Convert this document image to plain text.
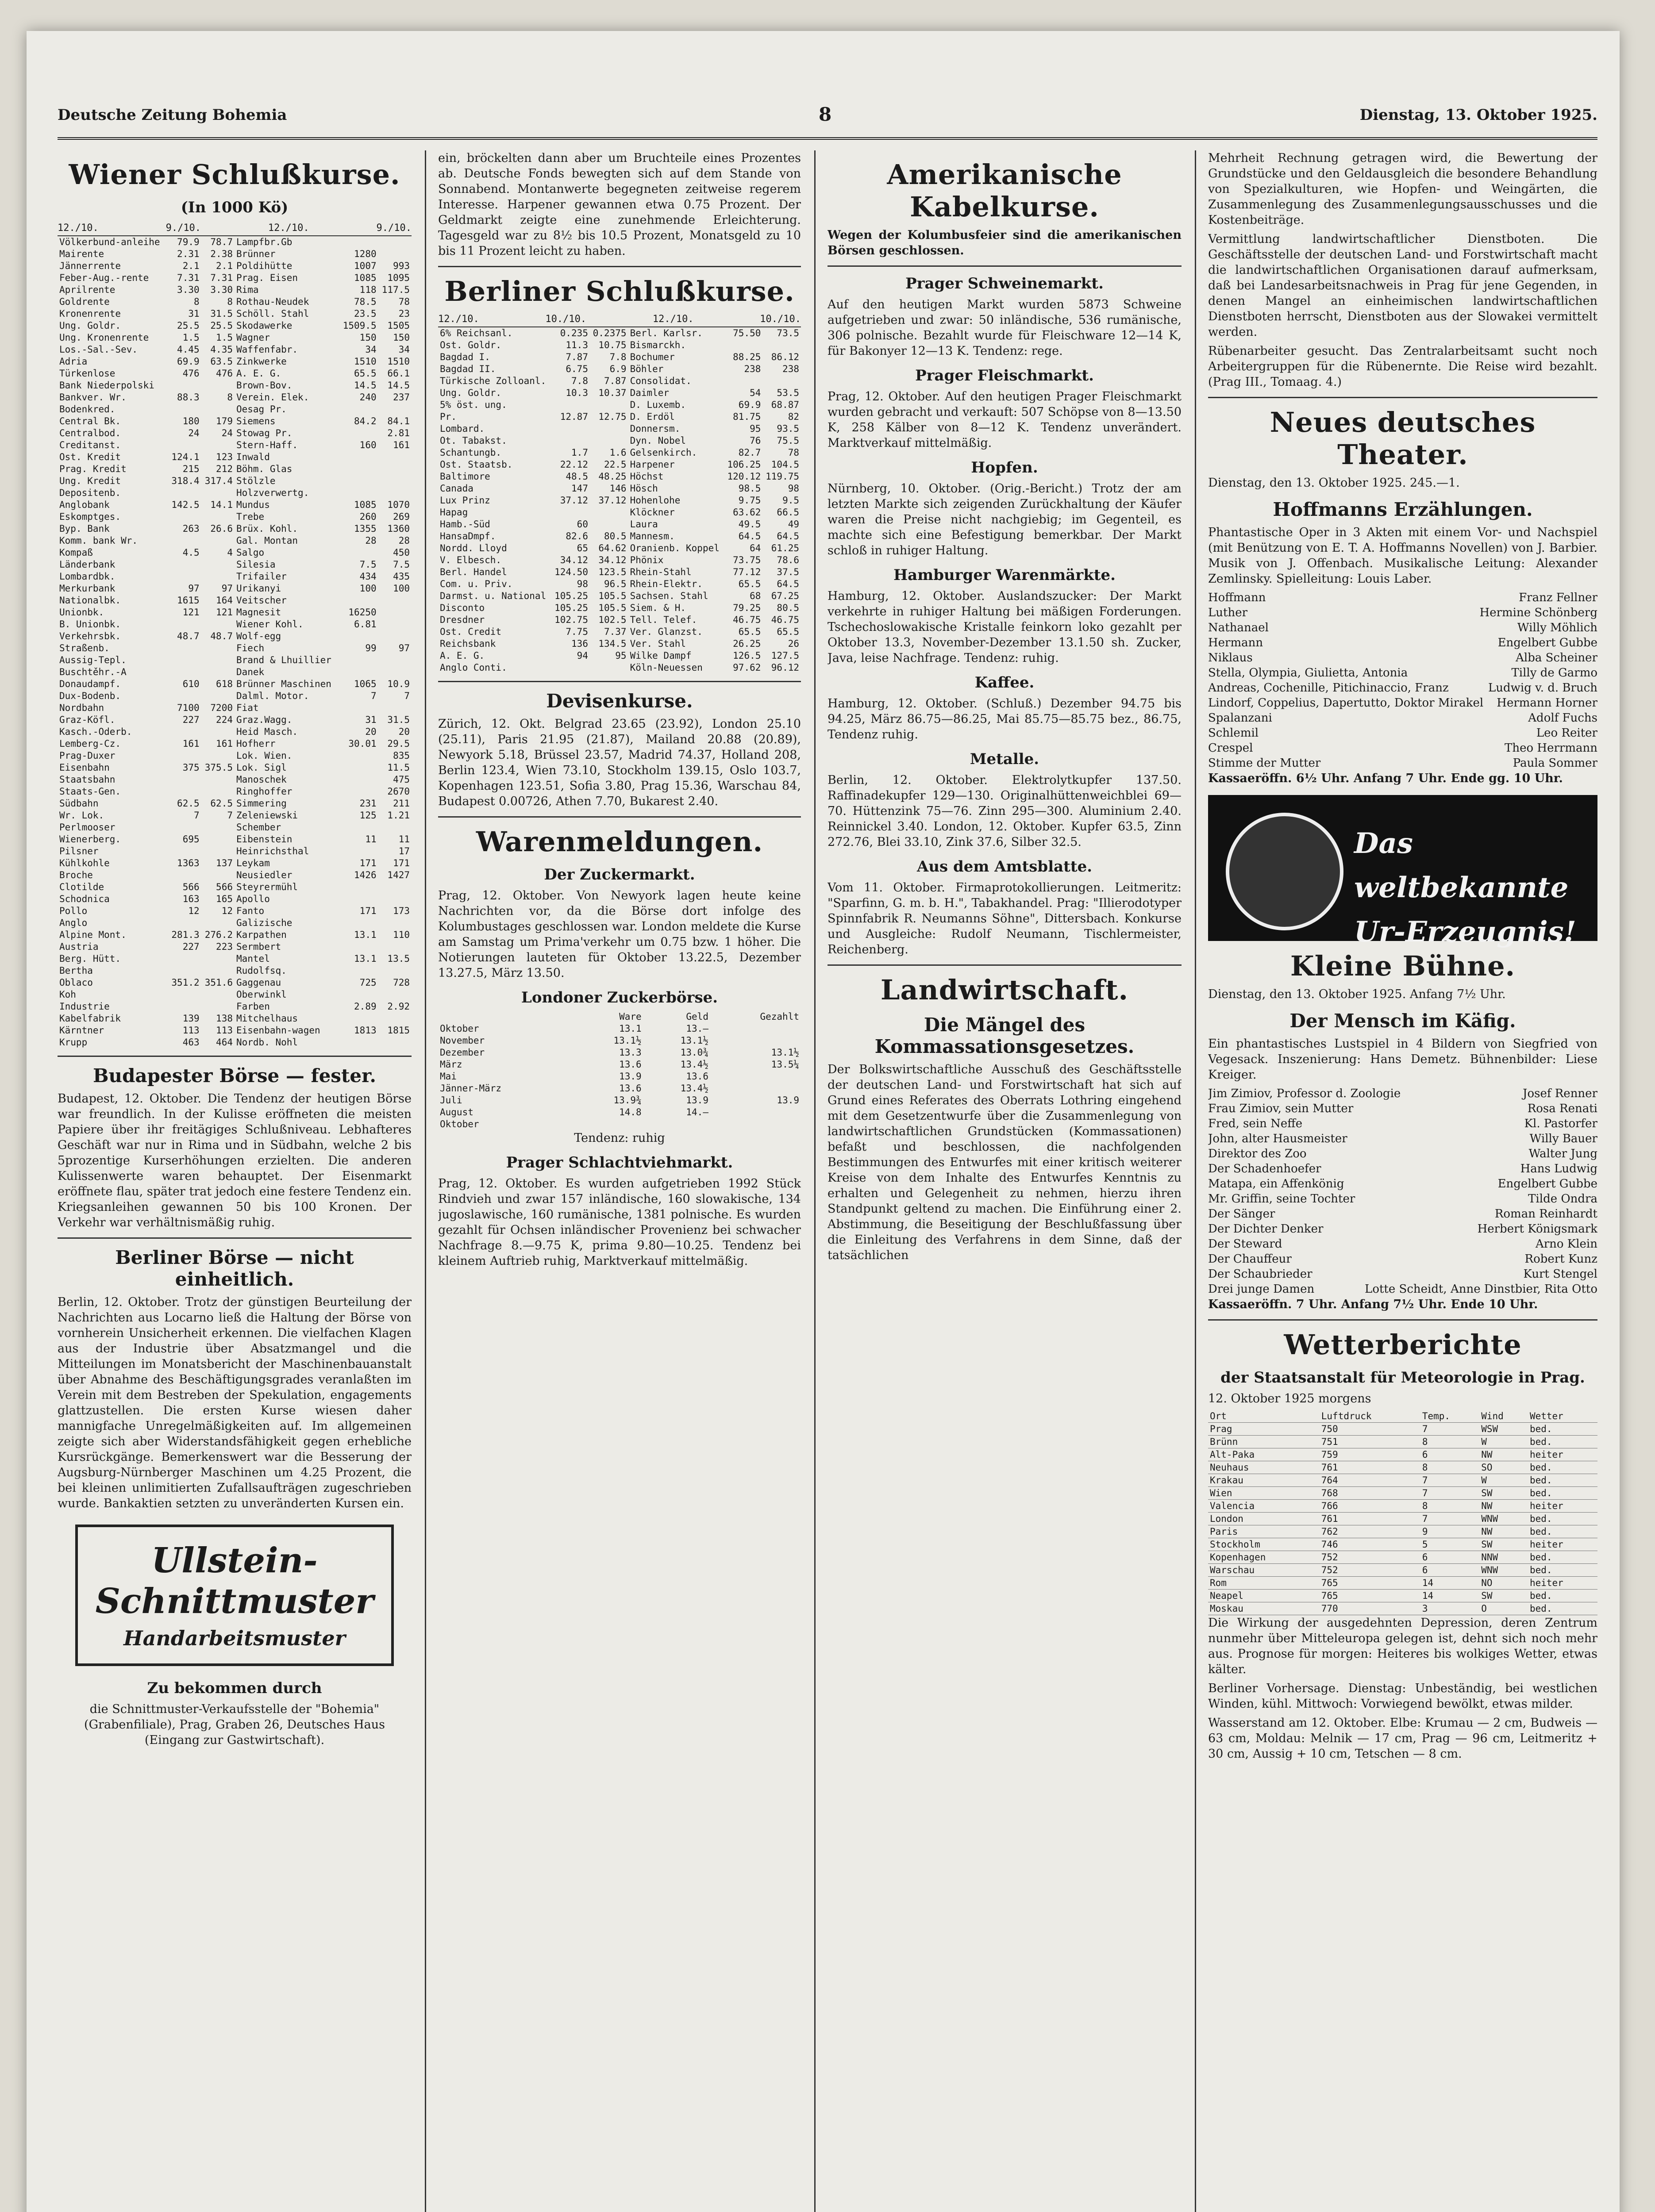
Deutsche Zeitung Bohemia	8	Dienstag, 13. Oktober 1925.
Wiener Schlußkurse.
(In 1000 Kö)
12./10.	9./10.	12./10.	9./10.
Völkerbund-anleihe	79.9	78.7	Lampfbr.Gb		
Mairente	2.31	2.38	Brünner	1280	
Jännerrente	2.1	2.1	Poldihütte	1007	993
Feber-Aug.-rente	7.31	7.31	Prag. Eisen	1085	1095
Aprilrente	3.30	3.30	Rima	118	117.5
Goldrente	8	8	Rothau-Neudek	78.5	78
Kronenrente	31	31.5	Schöll. Stahl	23.5	23
Ung. Goldr.	25.5	25.5	Skodawerke	1509.5	1505
Ung. Kronenrente	1.5	1.5	Wagner	150	150
Los.-Sal.-Sev.	4.45	4.35	Waffenfabr.	34	34
Adria	69.9	63.5	Zinkwerke	1510	1510
Türkenlose	476	476	A. E. G.	65.5	66.1
Bank Niederpolski			Brown-Bov.	14.5	14.5
Bankver. Wr.	88.3	8	Verein. Elek.	240	237
Bodenkred.			Oesag Pr.		
Central Bk.	180	179	Siemens	84.2	84.1
Centralbod.	24	24	Stowag Pr.		2.81
Creditanst.			Stern-Haff.	160	161
Ost. Kredit	124.1	123	Inwald		
Prag. Kredit	215	212	Böhm. Glas		
Ung. Kredit	318.4	317.4	Stölzle		
Depositenb.			Holzverwertg.		
Anglobank	142.5	14.1	Mundus	1085	1070
Eskomptges.			Trebe	260	269
Byp. Bank	263	26.6	Brüx. Kohl.	1355	1360
Komm. bank Wr.			Gal. Montan	28	28
Kompaß	4.5	4	Salgo		450
Länderbank			Silesia	7.5	7.5
Lombardbk.			Trifailer	434	435
Merkurbank	97	97	Urikanyi	100	100
Nationalbk.	1615	164	Veitscher		
Unionbk.	121	121	Magnesit	16250	
B. Unionbk.			Wiener Kohl.	6.81	
Verkehrsbk.	48.7	48.7	Wolf-egg		
Straßenb.			Fiech	99	97
Aussig-Tepl.			Brand & Lhuillier		
Buschtěhr.-A			Danek		
Donaudampf.	610	618	Brünner Maschinen	1065	10.9
Dux-Bodenb.			Dalml. Motor.	7	7
Nordbahn	7100	7200	Fiat		
Graz-Köfl.	227	224	Graz.Wagg.	31	31.5
Kasch.-Oderb.			Heid Masch.	20	20
Lemberg-Cz.	161	161	Hofherr	30.01	29.5
Prag-Duxer			Lok. Wien.		835
Eisenbahn	375	375.5	Lok. Sigl		11.5
Staatsbahn			Manoschek		475
Staats-Gen.			Ringhoffer		2670
Südbahn	62.5	62.5	Simmering	231	211
Wr. Lok.	7	7	Zeleniewski	125	1.21
Perlmooser			Schember		
Wienerberg.	695		Eibenstein	11	11
Pilsner			Heinrichsthal		17
Kühlkohle	1363	137	Leykam	171	171
Broche			Neusiedler	1426	1427
Clotilde	566	566	Steyrermühl		
Schodnica	163	165	Apollo		
Pollo	12	12	Fanto	171	173
Anglo			Galizische		
Alpine Mont.	281.3	276.2	Karpathen	13.1	110
Austria	227	223	Sermbert		
Berg. Hütt.			Mantel	13.1	13.5
Bertha			Rudolfsq.		
Oblaco	351.2	351.6	Gaggenau	725	728
Koh			Oberwinkl		
Industrie			Farben	2.89	2.92
Kabelfabrik	139	138	Mitchelhaus		
Kärntner	113	113	Eisenbahn-wagen	1813	1815
Krupp	463	464	Nordb. Nohl		
Budapester Börse — fester.

Budapest, 12. Oktober. Die Tendenz der heutigen Börse war freundlich. In der Kulisse eröffneten die meisten Papiere über ihr freitägiges Schlußniveau. Lebhafteres Geschäft war nur in Rima und in Südbahn, welche 2 bis 5prozentige Kurserhöhungen erzielten. Die anderen Kulissenwerte waren behauptet. Der Eisenmarkt eröffnete flau, später trat jedoch eine festere Tendenz ein. Kriegsanleihen gewannen 50 bis 100 Kronen. Der Verkehr war verhältnismäßig ruhig.

Berliner Börse — nicht einheitlich.

Berlin, 12. Oktober. Trotz der günstigen Beurteilung der Nachrichten aus Locarno ließ die Haltung der Börse von vornherein Unsicherheit erkennen. Die vielfachen Klagen aus der Industrie über Absatzmangel und die Mitteilungen im Monatsbericht der Maschinenbauanstalt über Abnahme des Beschäftigungsgrades veranlaßten im Verein mit dem Bestreben der Spekulation, engagements glattzustellen. Die ersten Kurse wiesen daher mannigfache Unregelmäßigkeiten auf. Im allgemeinen zeigte sich aber Widerstandsfähigkeit gegen erhebliche Kursrückgänge. Bemerkenswert war die Besserung der Augsburg-Nürnberger Maschinen um 4.25 Prozent, die bei kleinen unlimitierten Zufallsaufträgen zugeschrieben wurde. Bankaktien setzten zu unveränderten Kursen ein.

Ullstein-
Schnittmuster
Handarbeitsmuster
Zu bekommen durch

die Schnittmuster-Verkaufsstelle der "Bohemia" (Grabenfiliale), Prag, Graben 26, Deutsches Haus (Eingang zur Gastwirtschaft).

ein, bröckelten dann aber um Bruchteile eines Prozentes ab. Deutsche Fonds bewegten sich auf dem Stande von Sonnabend. Montanwerte begegneten zeitweise regerem Interesse. Harpener gewannen etwa 0.75 Prozent. Der Geldmarkt zeigte eine zunehmende Erleichterung. Tagesgeld war zu 8½ bis 10.5 Prozent, Monatsgeld zu 10 bis 11 Prozent leicht zu haben.

Berliner Schlußkurse.
12./10.	10./10.	12./10.	10./10.
6% Reichsanl.	0.235	0.2375	Berl. Karlsr.	75.50	73.5
Ost. Goldr.	11.3	10.75	Bismarckh.		
Bagdad I.	7.87	7.8	Bochumer	88.25	86.12
Bagdad II.	6.75	6.9	Böhler	238	238
Türkische Zolloanl.	7.8	7.87	Consolidat.		
Ung. Goldr.	10.3	10.37	Daimler	54	53.5
5% öst. ung.			D. Luxemb.	69.9	68.87
Pr.	12.87	12.75	D. Erdöl	81.75	82
Lombard.			Donnersm.	95	93.5
Ot. Tabakst.			Dyn. Nobel	76	75.5
Schantungb.	1.7	1.6	Gelsenkirch.	82.7	78
Ost. Staatsb.	22.12	22.5	Harpener	106.25	104.5
Baltimore	48.5	48.25	Höchst	120.12	119.75
Canada	147	146	Hösch	98.5	98
Lux Prinz	37.12	37.12	Hohenlohe	9.75	9.5
Hapag			Klöckner	63.62	66.5
Hamb.-Süd	60		Laura	49.5	49
HansaDmpf.	82.6	80.5	Mannesm.	64.5	64.5
Nordd. Lloyd	65	64.62	Oranienb. Koppel	64	61.25
V. Elbesch.	34.12	34.12	Phönix	73.75	78.6
Berl. Handel	124.50	123.5	Rhein-Stahl	77.12	37.5
Com. u. Priv.	98	96.5	Rhein-Elektr.	65.5	64.5
Darmst. u. National	105.25	105.5	Sachsen. Stahl	68	67.25
Disconto	105.25	105.5	Siem. & H.	79.25	80.5
Dresdner	102.75	102.5	Tell. Telef.	46.75	46.75
Ost. Credit	7.75	7.37	Ver. Glanzst.	65.5	65.5
Reichsbank	136	134.5	Ver. Stahl	26.25	26
A. E. G.	94	95	Wilke Dampf	126.5	127.5
Anglo Conti.			Köln-Neuessen	97.62	96.12
Devisenkurse.

Zürich, 12. Okt. Belgrad 23.65 (23.92), London 25.10 (25.11), Paris 21.95 (21.87), Mailand 20.88 (20.89), Newyork 5.18, Brüssel 23.57, Madrid 74.37, Holland 208, Berlin 123.4, Wien 73.10, Stockholm 139.15, Oslo 103.7, Kopenhagen 123.51, Sofia 3.80, Prag 15.36, Warschau 84, Budapest 0.00726, Athen 7.70, Bukarest 2.40.

Warenmeldungen.
Der Zuckermarkt.

Prag, 12. Oktober. Von Newyork lagen heute keine Nachrichten vor, da die Börse dort infolge des Kolumbustages geschlossen war. London meldete die Kurse am Samstag um Prima'verkehr um 0.75 bzw. 1 höher. Die Notierungen lauteten für Oktober 13.22.5, Dezember 13.27.5, März 13.50.

Londoner Zuckerbörse.
	Ware	Geld	Gezahlt
Oktober	13.1	13.—	
November	13.1½	13.1½	
Dezember	13.3	13.0¾	13.1½
März	13.6	13.4½	13.5¼
Mai	13.9	13.6	
Jänner-März	13.6	13.4½	
Juli	13.9¾	13.9	13.9
August	14.8	14.—	
Oktober			

Tendenz: ruhig

Prager Schlachtviehmarkt.

Prag, 12. Oktober. Es wurden aufgetrieben 1992 Stück Rindvieh und zwar 157 inländische, 160 slowakische, 134 jugoslawische, 160 rumänische, 1381 polnische. Es wurden gezahlt für Ochsen inländischer Provenienz bei schwacher Nachfrage 8.—9.75 K, prima 9.80—10.25. Tendenz bei kleinem Auftrieb ruhig, Marktverkauf mittelmäßig.

Amerikanische Kabelkurse.

Wegen der Kolumbusfeier sind die amerikanischen Börsen geschlossen.

Prager Schweinemarkt.

Auf den heutigen Markt wurden 5873 Schweine aufgetrieben und zwar: 50 inländische, 536 rumänische, 306 polnische. Bezahlt wurde für Fleischware 12—14 K, für Bakonyer 12—13 K. Tendenz: rege.

Prager Fleischmarkt.

Prag, 12. Oktober. Auf den heutigen Prager Fleischmarkt wurden gebracht und verkauft: 507 Schöpse von 8—13.50 K, 258 Kälber von 8—12 K. Tendenz unverändert. Marktverkauf mittelmäßig.

Hopfen.

Nürnberg, 10. Oktober. (Orig.-Bericht.) Trotz der am letzten Markte sich zeigenden Zurückhaltung der Käufer waren die Preise nicht nachgiebig; im Gegenteil, es machte sich eine Befestigung bemerkbar. Der Markt schloß in ruhiger Haltung.

Hamburger Warenmärkte.

Hamburg, 12. Oktober. Auslandszucker: Der Markt verkehrte in ruhiger Haltung bei mäßigen Forderungen. Tschechoslowakische Kristalle feinkorn loko gezahlt per Oktober 13.3, November-Dezember 13.1.50 sh. Zucker, Java, leise Nachfrage. Tendenz: ruhig.

Kaffee.

Hamburg, 12. Oktober. (Schluß.) Dezember 94.75 bis 94.25, März 86.75—86.25, Mai 85.75—85.75 bez., 86.75, Tendenz ruhig.

Metalle.

Berlin, 12. Oktober. Elektrolytkupfer 137.50. Raffinadekupfer 129—130. Originalhüttenweichblei 69—70. Hüttenzink 75—76. Zinn 295—300. Aluminium 2.40. Reinnickel 3.40. London, 12. Oktober. Kupfer 63.5, Zinn 272.76, Blei 33.10, Zink 37.6, Silber 32.5.

Aus dem Amtsblatte.

Vom 11. Oktober. Firmaprotokollierungen. Leitmeritz: "Sparfinn, G. m. b. H.", Tabakhandel. Prag: "Illierodotyper Spinnfabrik R. Neumanns Söhne", Dittersbach. Konkurse und Ausgleiche: Rudolf Neumann, Tischlermeister, Reichenberg.

Landwirtschaft.
Die Mängel des Kommassationsgesetzes.

Der Bolkswirtschaftliche Ausschuß des Geschäftsstelle der deutschen Land- und Forstwirtschaft hat sich auf Grund eines Referates des Oberrats Lothring eingehend mit dem Gesetzentwurfe über die Zusammenlegung von landwirtschaftlichen Grundstücken (Kommassationen) befaßt und beschlossen, die nachfolgenden Bestimmungen des Entwurfes mit einer kritisch weiterer Kreise von dem Inhalte des Entwurfes Kenntnis zu erhalten und Gelegenheit zu nehmen, hierzu ihren Standpunkt geltend zu machen. Die Einführung einer 2. Abstimmung, die Beseitigung der Beschlußfassung über die Einleitung des Verfahrens in dem Sinne, daß der tatsächlichen

Mehrheit Rechnung getragen wird, die Bewertung der Grundstücke und den Geldausgleich die besondere Behandlung von Spezialkulturen, wie Hopfen- und Weingärten, die Zusammenlegung des Zusammenlegungsausschusses und die Kostenbeiträge.

Vermittlung landwirtschaftlicher Dienstboten. Die Geschäftsstelle der deutschen Land- und Forstwirtschaft macht die landwirtschaftlichen Organisationen darauf aufmerksam, daß bei Landesarbeitsnachweis in Prag für jene Gegenden, in denen Mangel an einheimischen landwirtschaftlichen Dienstboten herrscht, Dienstboten aus der Slowakei vermittelt werden.

Rübenarbeiter gesucht. Das Zentralarbeitsamt sucht noch Arbeitergruppen für die Rübenernte. Die Reise wird bezahlt. (Prag III., Tomaag. 4.)

Neues deutsches Theater.

Dienstag, den 13. Oktober 1925. 245.—1.

Hoffmanns Erzählungen.

Phantastische Oper in 3 Akten mit einem Vor- und Nachspiel (mit Benützung von E. T. A. Hoffmanns Novellen) von J. Barbier. Musik von J. Offenbach. Musikalische Leitung: Alexander Zemlinsky. Spielleitung: Louis Laber.

Hoffmann	Franz Fellner
Luther	Hermine Schönberg
Nathanael	Willy Möhlich
Hermann	Engelbert Gubbe
Niklaus	Alba Scheiner
Stella, Olympia, Giulietta, Antonia	Tilly de Garmo
Andreas, Cochenille, Pitichinaccio, Franz	Ludwig v. d. Bruch
Lindorf, Coppelius, Dapertutto, Doktor Mirakel Hermann Horner
Spalanzani	Adolf Fuchs
Schlemil	Leo Reiter
Crespel	Theo Herrmann
Stimme der Mutter	Paula Sommer

Kassaeröffn. 6½ Uhr. Anfang 7 Uhr. Ende gg. 10 Uhr.

Das weltbekannte Ur-Erzeugnis!
Kleine Bühne.

Dienstag, den 13. Oktober 1925. Anfang 7½ Uhr.

Der Mensch im Käfig.

Ein phantastisches Lustspiel in 4 Bildern von Siegfried von Vegesack. Inszenierung: Hans Demetz. Bühnenbilder: Liese Kreiger.

Jim Zimiov, Professor d. Zoologie	Josef Renner
Frau Zimiov, sein Mutter	Rosa Renati
Fred, sein Neffe	Kl. Pastorfer
John, alter Hausmeister	Willy Bauer
Direktor des Zoo	Walter Jung
Der Schadenhoefer	Hans Ludwig
Matapa, ein Affenkönig	Engelbert Gubbe
Mr. Griffin, seine Tochter	Tilde Ondra
Der Sänger	Roman Reinhardt
Der Dichter Denker	Herbert Königsmark
Der Steward	Arno Klein
Der Chauffeur	Robert Kunz
Der Schaubrieder	Kurt Stengel
Drei junge Damen	Lotte Scheidt, Anne Dinstbier, Rita Otto

Kassaeröffn. 7 Uhr. Anfang 7½ Uhr. Ende 10 Uhr.

Wetterberichte
der Staatsanstalt für Meteorologie in Prag.

12. Oktober 1925 morgens

Ort	Luftdruck	Temp.	Wind	Wetter
Prag	750	7	WSW	bed.
Brünn	751	8	W	bed.
Alt-Paka	759	6	NW	heiter
Neuhaus	761	8	SO	bed.
Krakau	764	7	W	bed.
Wien	768	7	SW	bed.
Valencia	766	8	NW	heiter
London	761	7	WNW	bed.
Paris	762	9	NW	bed.
Stockholm	746	5	SW	heiter
Kopenhagen	752	6	NNW	bed.
Warschau	752	6	WNW	bed.
Rom	765	14	NO	heiter
Neapel	765	14	SW	bed.
Moskau	770	3	O	bed.

Die Wirkung der ausgedehnten Depression, deren Zentrum nunmehr über Mitteleuropa gelegen ist, dehnt sich noch mehr aus. Prognose für morgen: Heiteres bis wolkiges Wetter, etwas kälter.

Berliner Vorhersage. Dienstag: Unbeständig, bei westlichen Winden, kühl. Mittwoch: Vorwiegend bewölkt, etwas milder.

Wasserstand am 12. Oktober. Elbe: Krumau — 2 cm, Budweis — 63 cm, Moldau: Melnik — 17 cm, Prag — 96 cm, Leitmeritz + 30 cm, Aussig + 10 cm, Tetschen — 8 cm.
